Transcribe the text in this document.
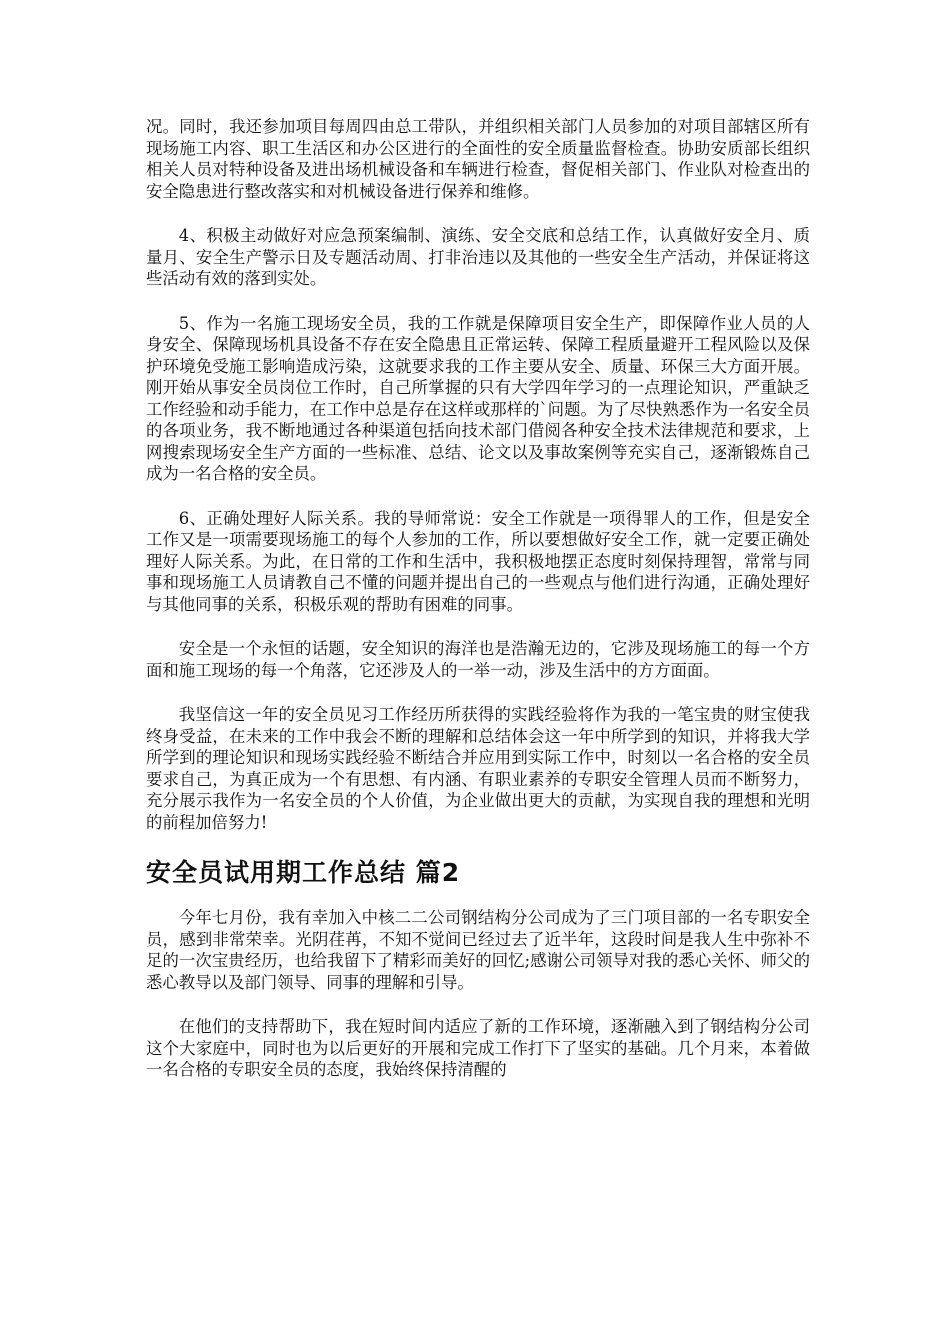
况。同时，我还参加项目每周四由总工带队，并组织相关部门人员参加的对项目部辖区所有现场施工内容、职工生活区和办公区进行的全面性的安全质量监督检查。协助安质部长组织相关人员对特种设备及进出场机械设备和车辆进行检查，督促相关部门、作业队对检查出的安全隐患进行整改落实和对机械设备进行保养和维修。

4、积极主动做好对应急预案编制、演练、安全交底和总结工作，认真做好安全月、质量月、安全生产警示日及专题活动周、打非治违以及其他的一些安全生产活动，并保证将这些活动有效的落到实处。

5、作为一名施工现场安全员，我的工作就是保障项目安全生产，即保障作业人员的人身安全、保障现场机具设备不存在安全隐患且正常运转、保障工程质量避开工程风险以及保护环境免受施工影响造成污染，这就要求我的工作主要从安全、质量、环保三大方面开展。刚开始从事安全员岗位工作时，自己所掌握的只有大学四年学习的一点理论知识，严重缺乏工作经验和动手能力，在工作中总是存在这样或那样的`问题。为了尽快熟悉作为一名安全员的各项业务，我不断地通过各种渠道包括向技术部门借阅各种安全技术法律规范和要求，上网搜索现场安全生产方面的一些标准、总结、论文以及事故案例等充实自己，逐渐锻炼自己成为一名合格的安全员。

6、正确处理好人际关系。我的导师常说：安全工作就是一项得罪人的工作，但是安全工作又是一项需要现场施工的每个人参加的工作，所以要想做好安全工作，就一定要正确处理好人际关系。为此，在日常的工作和生活中，我积极地摆正态度时刻保持理智，常常与同事和现场施工人员请教自己不懂的问题并提出自己的一些观点与他们进行沟通，正确处理好与其他同事的关系，积极乐观的帮助有困难的同事。

安全是一个永恒的话题，安全知识的海洋也是浩瀚无边的，它涉及现场施工的每一个方面和施工现场的每一个角落，它还涉及人的一举一动，涉及生活中的方方面面。

我坚信这一年的安全员见习工作经历所获得的实践经验将作为我的一笔宝贵的财宝使我终身受益，在未来的工作中我会不断的理解和总结体会这一年中所学到的知识，并将我大学所学到的理论知识和现场实践经验不断结合并应用到实际工作中，时刻以一名合格的安全员要求自己，为真正成为一个有思想、有内涵、有职业素养的专职安全管理人员而不断努力，充分展示我作为一名安全员的个人价值，为企业做出更大的贡献，为实现自我的理想和光明的前程加倍努力!

安全员试用期工作总结 篇2

今年七月份，我有幸加入中核二二公司钢结构分公司成为了三门项目部的一名专职安全员，感到非常荣幸。光阴荏苒，不知不觉间已经过去了近半年，这段时间是我人生中弥补不足的一次宝贵经历，也给我留下了精彩而美好的回忆;感谢公司领导对我的悉心关怀、师父的悉心教导以及部门领导、同事的理解和引导。

在他们的支持帮助下，我在短时间内适应了新的工作环境，逐渐融入到了钢结构分公司这个大家庭中，同时也为以后更好的开展和完成工作打下了坚实的基础。几个月来，本着做一名合格的专职安全员的态度，我始终保持清醒的
